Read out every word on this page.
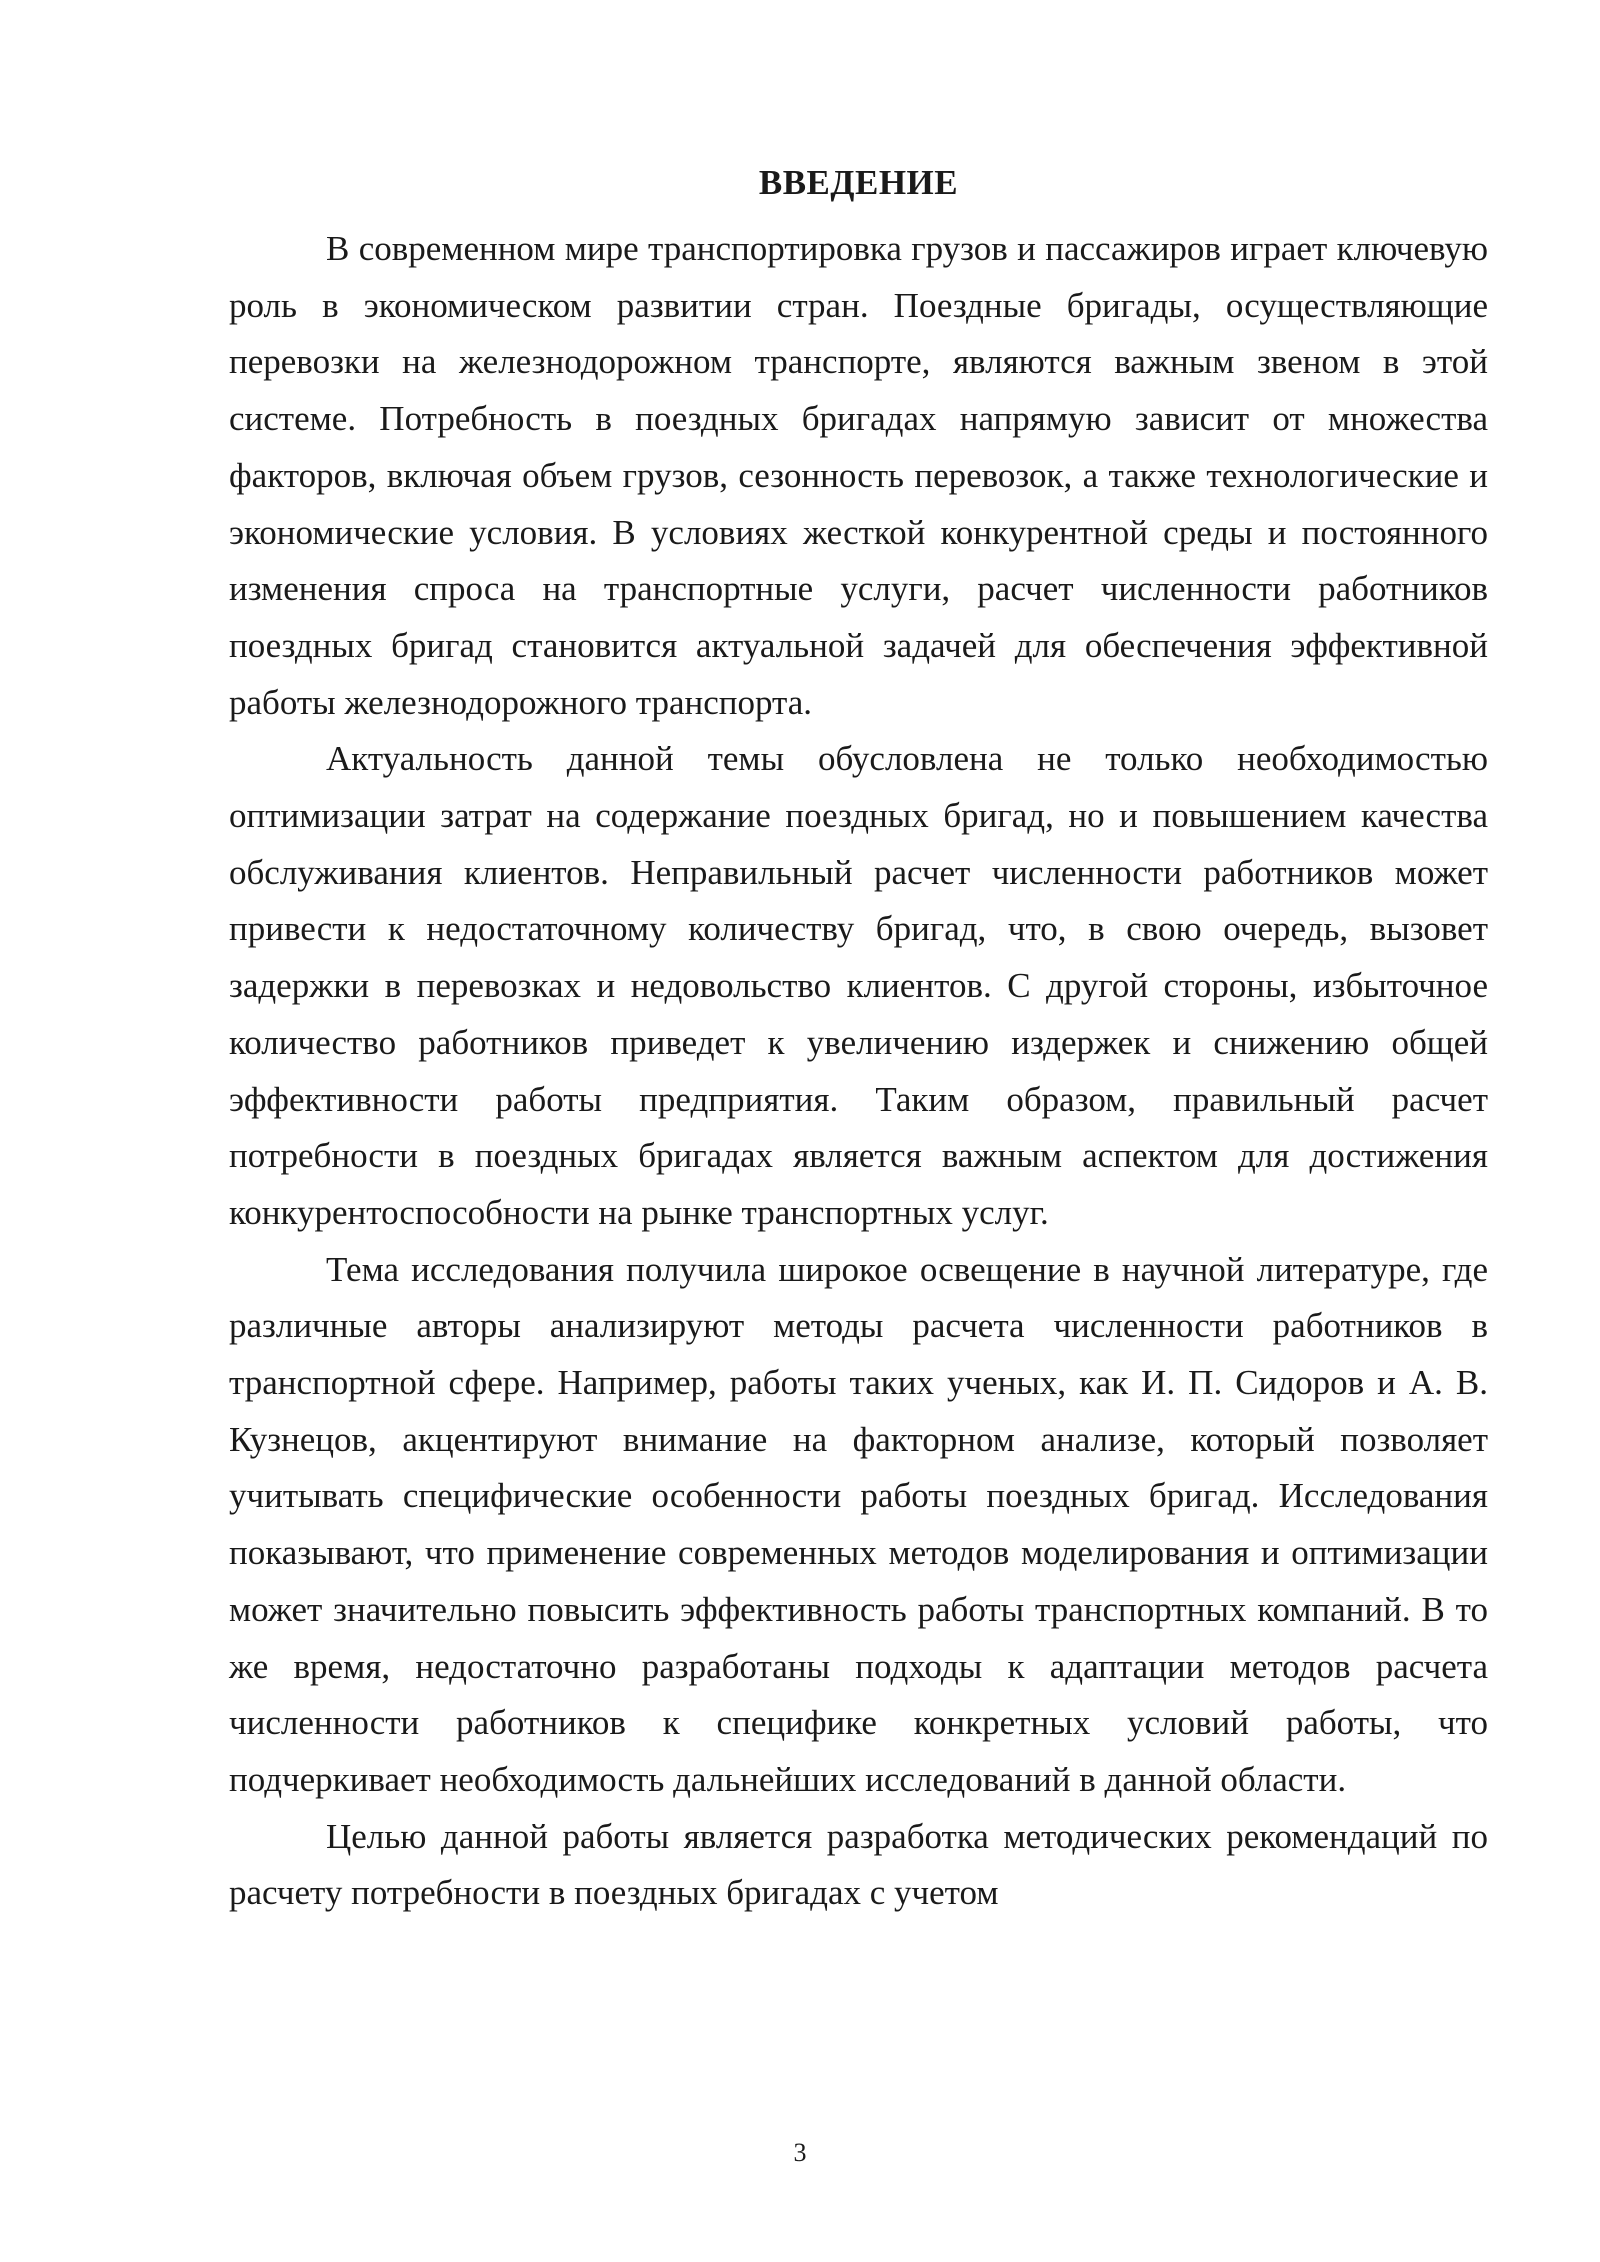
ВВЕДЕНИЕ

В современном мире транспортировка грузов и пассажиров играет ключевую роль в экономическом развитии стран. Поездные бригады, осуществляющие перевозки на железнодорожном транспорте, являются важным звеном в этой системе. Потребность в поездных бригадах напрямую зависит от множества факторов, включая объем грузов, сезонность перевозок, а также технологические и экономические условия. В условиях жесткой конкурентной среды и постоянного изменения спроса на транспортные услуги, расчет численности работников поездных бригад становится актуальной задачей для обеспечения эффективной работы железнодорожного транспорта.

Актуальность данной темы обусловлена не только необходимостью оптимизации затрат на содержание поездных бригад, но и повышением качества обслуживания клиентов. Неправильный расчет численности работников может привести к недостаточному количеству бригад, что, в свою очередь, вызовет задержки в перевозках и недовольство клиентов. С другой стороны, избыточное количество работников приведет к увеличению издержек и снижению общей эффективности работы предприятия. Таким образом, правильный расчет потребности в поездных бригадах является важным аспектом для достижения конкурентоспособности на рынке транспортных услуг.

Тема исследования получила широкое освещение в научной литературе, где различные авторы анализируют методы расчета численности работников в транспортной сфере. Например, работы таких ученых, как И. П. Сидоров и А. В. Кузнецов, акцентируют внимание на факторном анализе, который позволяет учитывать специфические особенности работы поездных бригад. Исследования показывают, что применение современных методов моделирования и оптимизации может значительно повысить эффективность работы транспортных компаний. В то же время, недостаточно разработаны подходы к адаптации методов расчета численности работников к специфике конкретных условий работы, что подчеркивает необходимость дальнейших исследований в данной области.

Целью данной работы является разработка методических рекомендаций по расчету потребности в поездных бригадах с учетом

3
